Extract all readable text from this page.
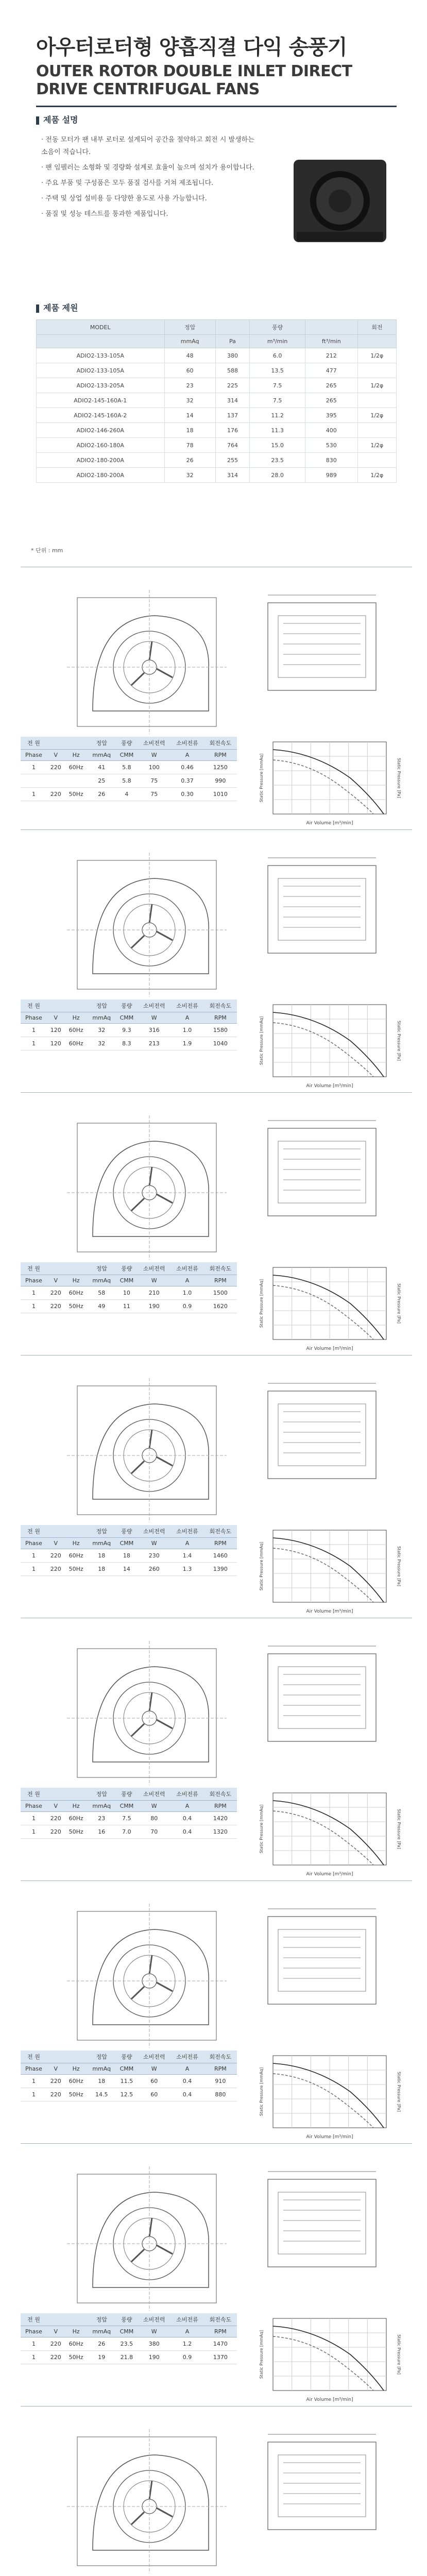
아우터로터형 양흡직결 다익 송풍기
OUTER ROTOR DOUBLE INLET DIRECT DRIVE CENTRIFUGAL FANS
제품 설명

· 전동 모터가 팬 내부 로터로 설계되어 공간을 절약하고 회전 시 발생하는 소음이 적습니다.

· 팬 임펠러는 소형화 및 경량화 설계로 효율이 높으며 설치가 용이합니다.

· 주요 부품 및 구성품은 모두 품질 검사를 거쳐 제조됩니다.

· 주택 및 상업 설비용 등 다양한 용도로 사용 가능합니다.

· 품질 및 성능 테스트를 통과한 제품입니다.

제품 제원
MODEL	정압		풍량		회전
	mmAq	Pa	m³/min	ft³/min	
ADIO2-133-105A	48	380	6.0	212	1/2φ
ADIO2-133-105A	60	588	13.5	477	
ADIO2-133-205A	23	225	7.5	265	1/2φ
ADIO2-145-160A-1	32	314	7.5	265	
ADIO2-145-160A-2	14	137	11.2	395	1/2φ
ADIO2-146-260A	18	176	11.3	400	
ADIO2-160-180A	78	764	15.0	530	1/2φ
ADIO2-180-200A	26	255	23.5	830	
ADIO2-180-200A	32	314	28.0	989	1/2φ
* 단위 : mm
전 원			정압	풍량	소비전력	소비전류	회전속도
Phase	V	Hz	mmAq	CMM	W	A	RPM
1	220	60Hz	41	5.8	100	0.46	1250
			25	5.8	75	0.37	990
1	220	50Hz	26	4	75	0.30	1010
Air Volume [m³/min]
Static Pressure [mmAq]	Static Pressure [Pa]
전 원			정압	풍량	소비전력	소비전류	회전속도
Phase	V	Hz	mmAq	CMM	W	A	RPM
1	120	60Hz	32	9.3	316	1.0	1580
1	120	60Hz	32	8.3	213	1.9	1040
Air Volume [m³/min]
Static Pressure [mmAq]	Static Pressure [Pa]
전 원			정압	풍량	소비전력	소비전류	회전속도
Phase	V	Hz	mmAq	CMM	W	A	RPM
1	220	60Hz	58	10	210	1.0	1500
1	220	50Hz	49	11	190	0.9	1620
Air Volume [m³/min]
Static Pressure [mmAq]	Static Pressure [Pa]
전 원			정압	풍량	소비전력	소비전류	회전속도
Phase	V	Hz	mmAq	CMM	W	A	RPM
1	220	60Hz	18	18	230	1.4	1460
1	220	50Hz	18	14	260	1.3	1390
Air Volume [m³/min]
Static Pressure [mmAq]	Static Pressure [Pa]
전 원			정압	풍량	소비전력	소비전류	회전속도
Phase	V	Hz	mmAq	CMM	W	A	RPM
1	220	60Hz	23	7.5	80	0.4	1420
1	220	50Hz	16	7.0	70	0.4	1320
Air Volume [m³/min]
Static Pressure [mmAq]	Static Pressure [Pa]
전 원			정압	풍량	소비전력	소비전류	회전속도
Phase	V	Hz	mmAq	CMM	W	A	RPM
1	220	60Hz	18	11.5	60	0.4	910
1	220	50Hz	14.5	12.5	60	0.4	880
Air Volume [m³/min]
Static Pressure [mmAq]	Static Pressure [Pa]
전 원			정압	풍량	소비전력	소비전류	회전속도
Phase	V	Hz	mmAq	CMM	W	A	RPM
1	220	60Hz	26	23.5	380	1.2	1470
1	220	50Hz	19	21.8	190	0.9	1370
Air Volume [m³/min]
Static Pressure [mmAq]	Static Pressure [Pa]
